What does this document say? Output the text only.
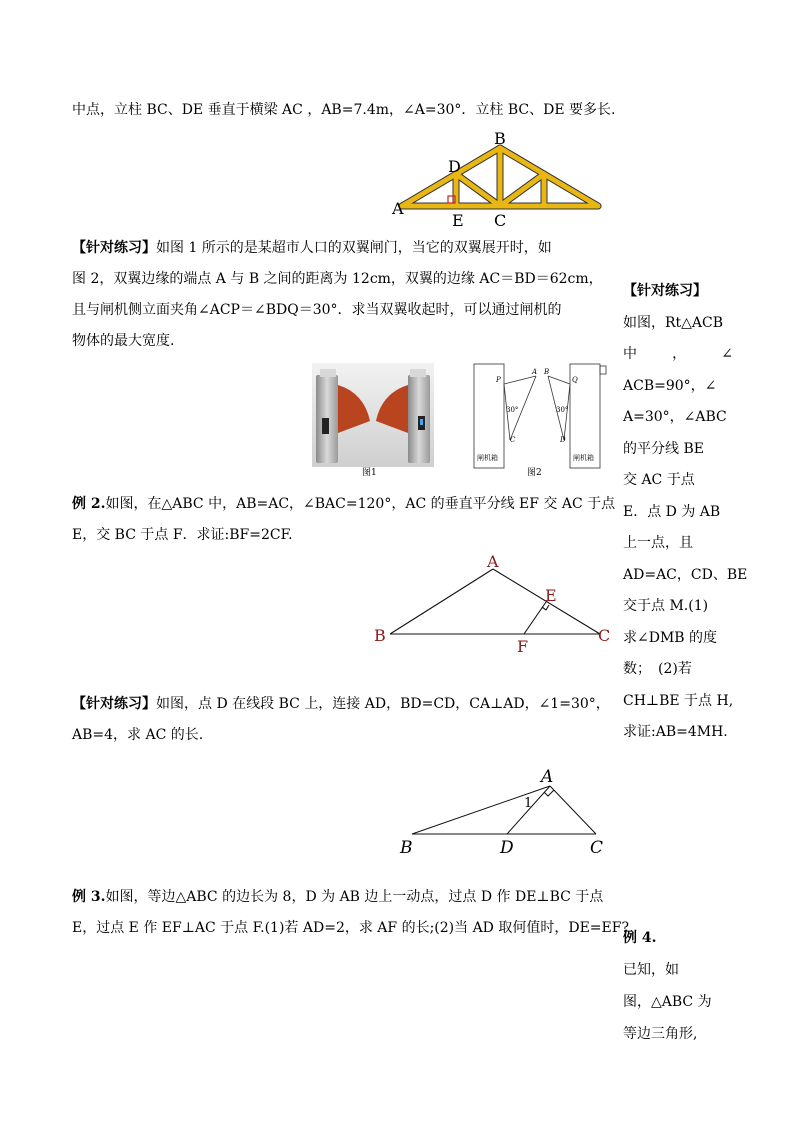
中点，立柱 BC、DE 垂直于横梁 AC ，AB=7.4m，∠A=30°．立柱 BC、DE 要多长.
A
B
C
D
E
【针对练习】如图 1 所示的是某超市人口的双翼闸门，当它的双翼展开时，如
图 2，双翼边缘的端点 A 与 B 之间的距离为 12cm，双翼的边缘 AC＝BD＝62cm，
且与闸机侧立面夹角∠ACP＝∠BDQ＝30°．求当双翼收起时，可以通过闸机的
物体的最大宽度.
图1
P
A
C
B
Q
D
30°	30°
闸机箱	闸机箱
图2
例 2.如图，在△ABC 中，AB=AC，∠BAC=120°，AC 的垂直平分线 EF 交 AC 于点
E，交 BC 于点 F．求证:BF=2CF.
A
B	C
E
F
【针对练习】如图，点 D 在线段 BC 上，连接 AD，BD=CD，CA⊥AD，∠1=30°，
AB=4，求 AC 的长.
A
B	C
D
1
例 3.如图，等边△ABC 的边长为 8，D 为 AB 边上一动点，过点 D 作 DE⊥BC 于点
E，过点 E 作 EF⊥AC 于点 F.(1)若 AD=2，求 AF 的长;(2)当 AD 取何值时，DE=EF?
【针对练习】
如图，Rt△ACB
中	，	∠
ACB=90°，∠
A=30°，∠ABC
的平分线 BE
交 AC 于点
E．点 D 为 AB
上一点，且
AD=AC，CD、BE
交于点 M.(1)
求∠DMB 的度
数；　(2)若
CH⊥BE 于点 H,
求证:AB=4MH.
例 4.
已知，如
图，△ABC 为
等边三角形,
